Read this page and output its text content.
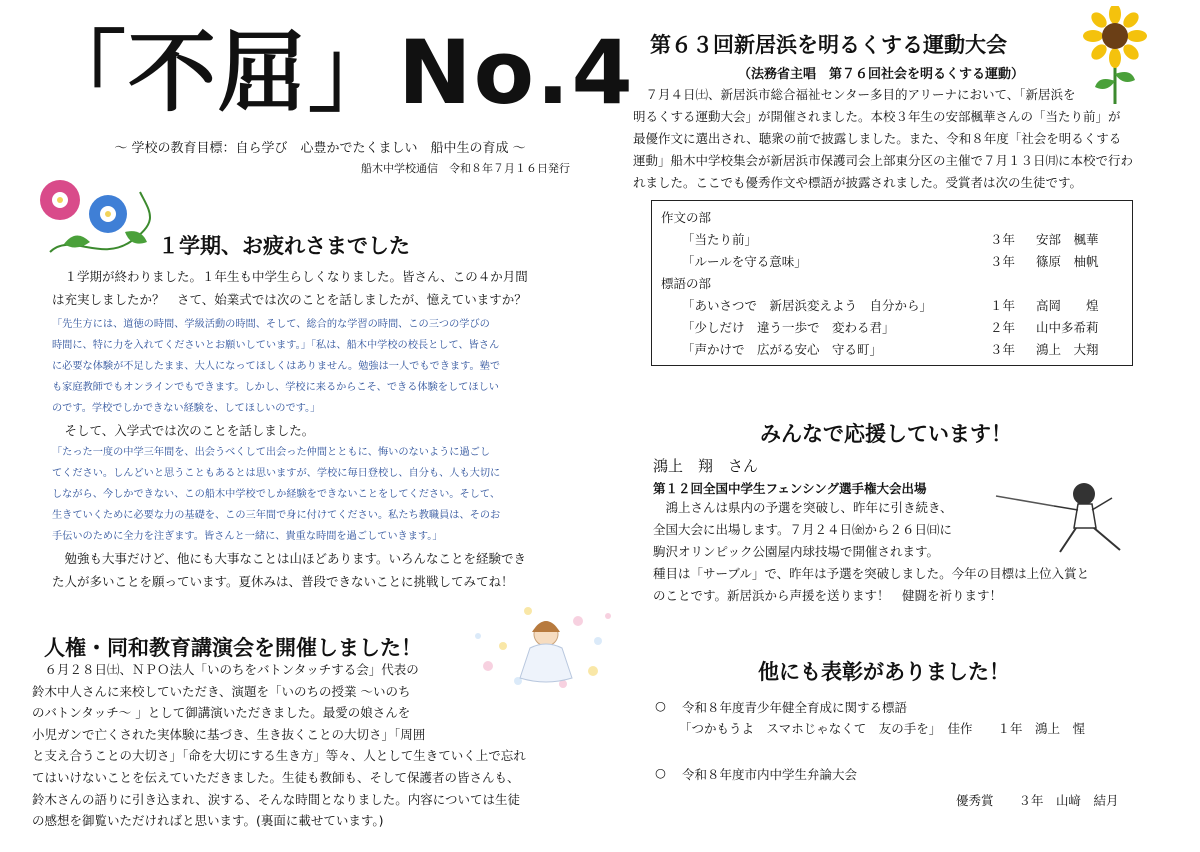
「不屈」No.4
～ 学校の教育目標：自ら学び　心豊かでたくましい　船中生の育成 ～
船木中学校通信　令和８年７月１６日発行
１学期、お疲れさまでした
　１学期が終わりました。１年生も中学生らしくなりました。皆さん、この４か月間
は充実しましたか？　さて、始業式では次のことを話しましたが、憶えていますか？
「先生方には、道徳の時間、学級活動の時間、そして、総合的な学習の時間、この三つの学びの
時間に、特に力を入れてくださいとお願いしています。」「私は、船木中学校の校長として、皆さん
に必要な体験が不足したまま、大人になってほしくはありません。勉強は一人でもできます。塾で
も家庭教師でもオンラインでもできます。しかし、学校に来るからこそ、できる体験をしてほしい
のです。学校でしかできない経験を、してほしいのです。」
　そして、入学式では次のことを話しました。
「たった一度の中学三年間を、出会うべくして出会った仲間とともに、悔いのないように過ごし
てください。しんどいと思うこともあるとは思いますが、学校に毎日登校し、自分も、人も大切に
しながら、今しかできない、この船木中学校でしか経験をできないことをしてください。そして、
生きていくために必要な力の基礎を、この三年間で身に付けてください。私たち教職員は、そのお
手伝いのために全力を注ぎます。皆さんと一緒に、貴重な時間を過ごしていきます。」
　勉強も大事だけど、他にも大事なことは山ほどあります。いろんなことを経験でき
た人が多いことを願っています。夏休みは、普段できないことに挑戦してみてね！
人権・同和教育講演会を開催しました！
　６月２８日㈯、ＮＰＯ法人「いのちをバトンタッチする会」代表の
鈴木中人さんに来校していただき、演題を「いのちの授業 ～いのち
のバトンタッチ～ 」として御講演いただきました。最愛の娘さんを
小児ガンで亡くされた実体験に基づき、生き抜くことの大切さ」「周囲
と支え合うことの大切さ」「命を大切にする生き方」等々、人として生きていく上で忘れ
てはいけないことを伝えていただきました。生徒も教師も、そして保護者の皆さんも、
鈴木さんの語りに引き込まれ、涙する、そんな時間となりました。内容については生徒
の感想を御覧いただければと思います。(裏面に載せています。)
第６３回新居浜を明るくする運動大会
（法務省主唱　第７６回社会を明るくする運動）
　７月４日㈯、新居浜市総合福祉センター多目的アリーナにおいて、「新居浜を
明るくする運動大会」が開催されました。本校３年生の安部楓華さんの「当たり前」が
最優作文に選出され、聴衆の前で披露しました。また、令和８年度「社会を明るくする
運動」船木中学校集会が新居浜市保護司会上部東分区の主催で７月１３日㈪に本校で行わ
れました。ここでも優秀作文や標語が披露されました。受賞者は次の生徒です。
作文の部
「当たり前」	３年 安部　楓華
「ルールを守る意味」	３年 篠原　柚帆
標語の部
「あいさつで　新居浜変えよう　自分から」	１年 高岡　　煌
「少しだけ　違う一歩で　変わる君」	２年 山中多希莉
「声かけで　広がる安心　守る町」	３年 鴻上　大翔
みんなで応援しています！
鴻上　翔　さん
第１２回全国中学生フェンシング選手権大会出場
　鴻上さんは県内の予選を突破し、昨年に引き続き、
全国大会に出場します。７月２４日㈮から２６日㈰に
駒沢オリンピック公園屋内球技場で開催されます。
種目は「サーブル」で、昨年は予選を突破しました。今年の目標は上位入賞と
のことです。新居浜から声援を送ります！　健闘を祈ります！
他にも表彰がありました！
○ 令和８年度青少年健全育成に関する標語
「つかもうよ　スマホじゃなくて　友の手を」　佳作　　１年　鴻上　惺
○ 令和８年度市内中学生弁論大会
優秀賞　　３年　山﨑　結月
